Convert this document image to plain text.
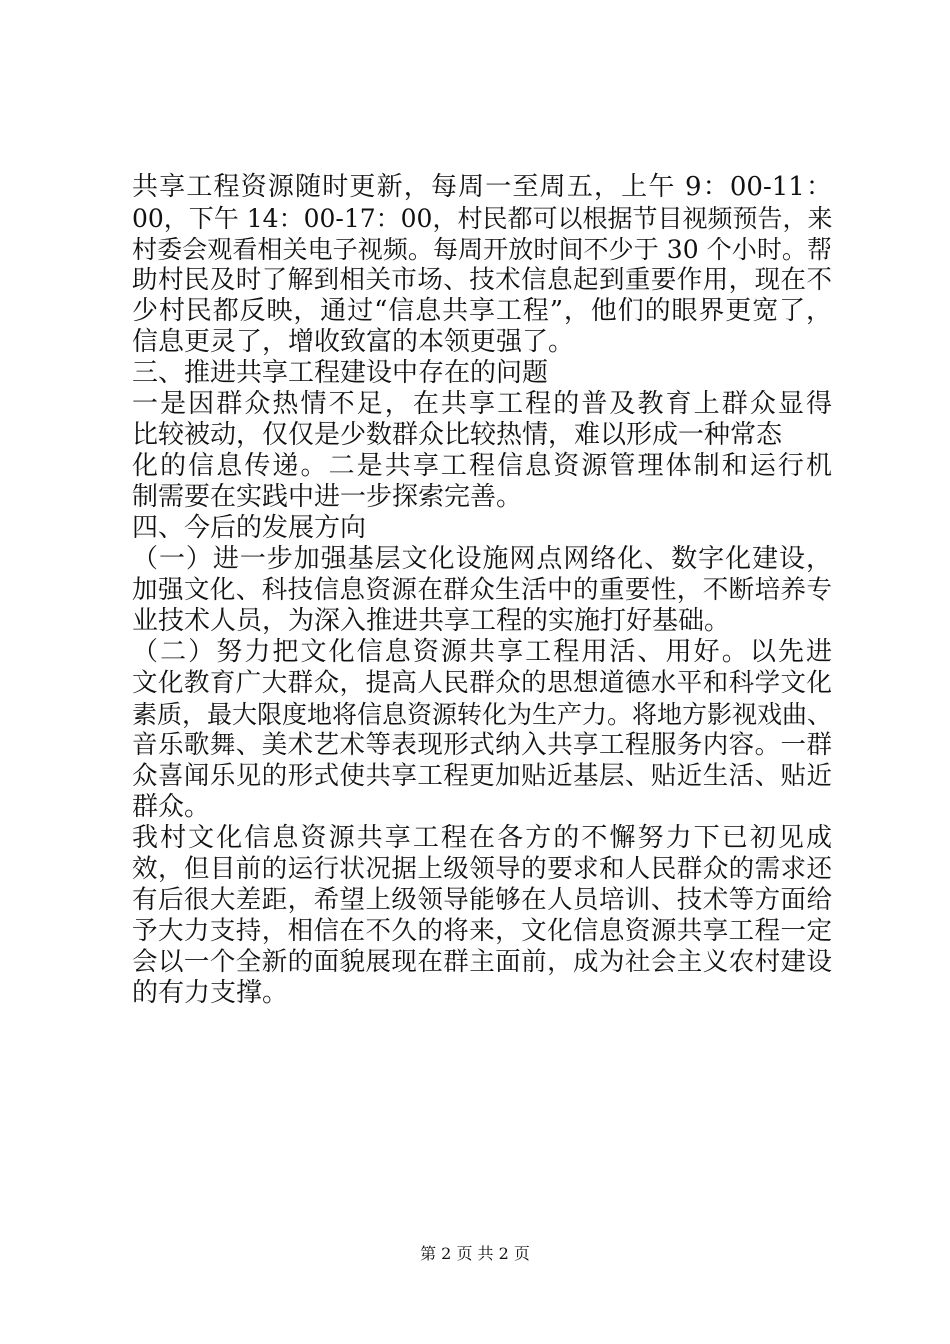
共享工程资源随时更新，每周一至周五，上午 9：00-11：
00，下午 14：00-17：00，村民都可以根据节目视频预告，来
村委会观看相关电子视频。每周开放时间不少于 30 个小时。帮
助村民及时了解到相关市场、技术信息起到重要作用，现在不
少村民都反映，通过“信息共享工程”，他们的眼界更宽了，
信息更灵了，增收致富的本领更强了。
三、推进共享工程建设中存在的问题
一是因群众热情不足，在共享工程的普及教育上群众显得
比较被动，仅仅是少数群众比较热情，难以形成一种常态
化的信息传递。二是共享工程信息资源管理体制和运行机
制需要在实践中进一步探索完善。
四、今后的发展方向
（一）进一步加强基层文化设施网点网络化、数字化建设，
加强文化、科技信息资源在群众生活中的重要性，不断培养专
业技术人员，为深入推进共享工程的实施打好基础。
（二）努力把文化信息资源共享工程用活、用好。以先进
文化教育广大群众，提高人民群众的思想道德水平和科学文化
素质，最大限度地将信息资源转化为生产力。将地方影视戏曲、
音乐歌舞、美术艺术等表现形式纳入共享工程服务内容。一群
众喜闻乐见的形式使共享工程更加贴近基层、贴近生活、贴近
群众。
我村文化信息资源共享工程在各方的不懈努力下已初见成
效，但目前的运行状况据上级领导的要求和人民群众的需求还
有后很大差距，希望上级领导能够在人员培训、技术等方面给
予大力支持，相信在不久的将来，文化信息资源共享工程一定
会以一个全新的面貌展现在群主面前，成为社会主义农村建设
的有力支撑。
第 2 页 共 2 页
